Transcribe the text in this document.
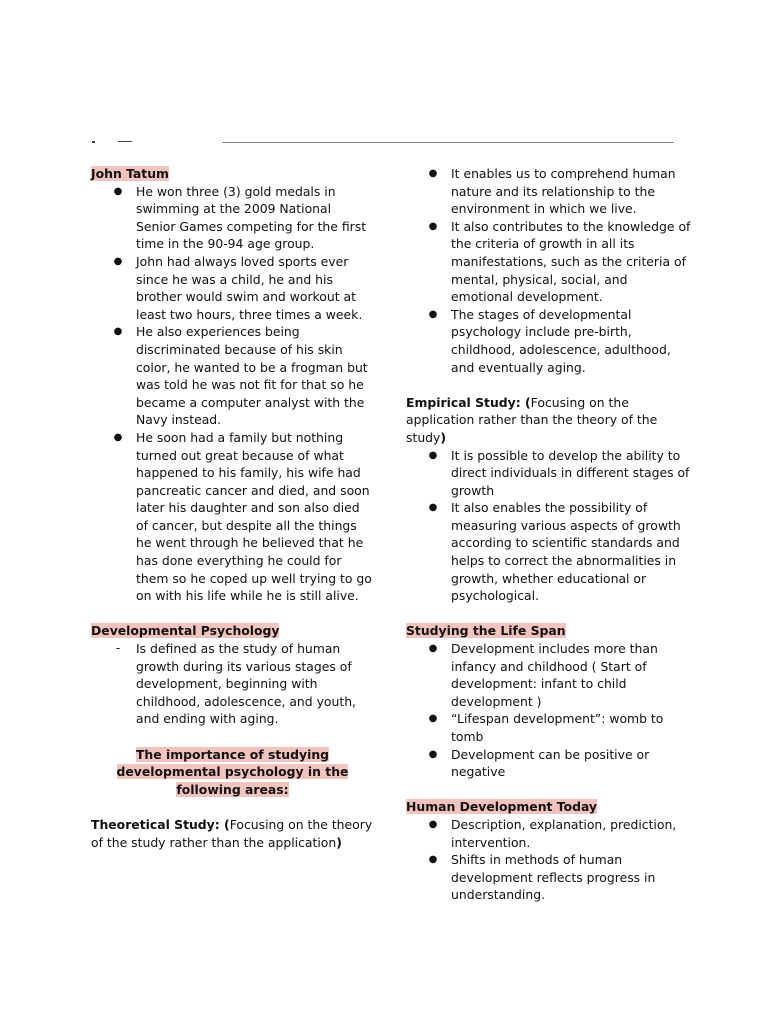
John Tatum
● He won three (3) gold medals in swimming at the 2009 National Senior Games competing for the first time in the 90-94 age group.
● John had always loved sports ever since he was a child, he and his brother would swim and workout at least two hours, three times a week.
● He also experiences being discriminated because of his skin color, he wanted to be a frogman but was told he was not fit for that so he became a computer analyst with the Navy instead.
● He soon had a family but nothing turned out great because of what happened to his family, his wife had pancreatic cancer and died, and soon later his daughter and son also died of cancer, but despite all the things he went through he believed that he has done everything he could for them so he coped up well trying to go on with his life while he is still alive.
Developmental Psychology
-	Is defined as the study of human growth during its various stages of development, beginning with childhood, adolescence, and youth, and ending with aging.
The importance of studying developmental psychology in the following areas:
Theoretical Study: (Focusing on the theory of the study rather than the application)
● It enables us to comprehend human nature and its relationship to the environment in which we live.
● It also contributes to the knowledge of the criteria of growth in all its manifestations, such as the criteria of mental, physical, social, and emotional development.
● The stages of developmental psychology include pre-birth, childhood, adolescence, adulthood, and eventually aging.
Empirical Study: (Focusing on the application rather than the theory of the study)
● It is possible to develop the ability to direct individuals in different stages of growth
● It also enables the possibility of measuring various aspects of growth according to scientific standards and helps to correct the abnormalities in growth, whether educational or psychological.
Studying the Life Span
● Development includes more than infancy and childhood ( Start of development: infant to child development )
● “Lifespan development”: womb to tomb
● Development can be positive or negative
Human Development Today
● Description, explanation, prediction, intervention.
● Shifts in methods of human development reflects progress in understanding.
